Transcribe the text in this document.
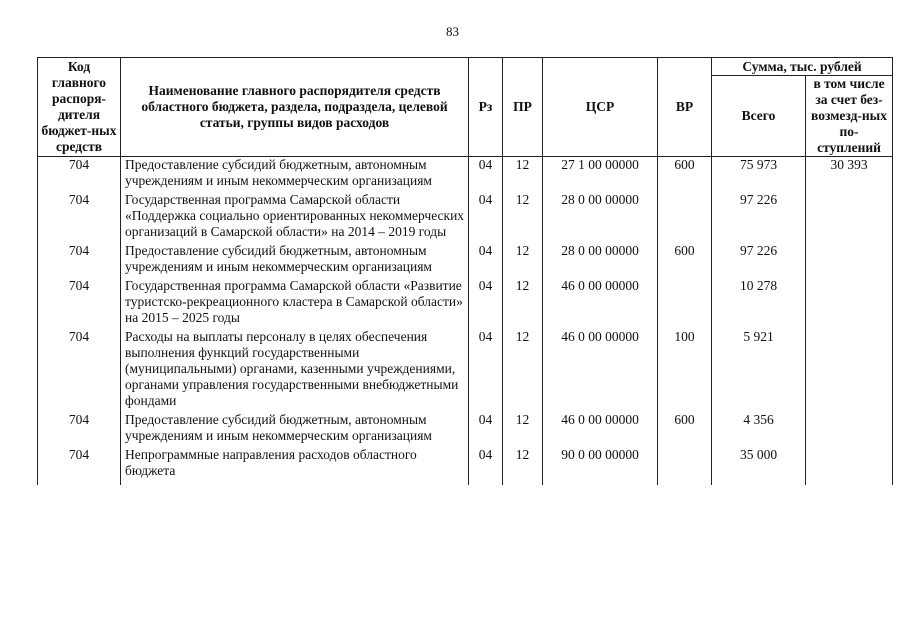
83
Код главного распоря-дителя бюджет-ных средств	Наименование главного распорядителя средств областного бюджета, раздела, подраздела, целевой статьи, группы видов расходов	Рз	ПР	ЦСР	ВР	Сумма, тыс. рублей	
						Всего	в том числе за счет без-возмезд-ных по-ступлений
704	Предоставление субсидий бюджетным, автономным учреждениям и иным некоммерческим организациям	04	12	27 1 00 00000	600	75 973	30 393
704	Государственная программа Самарской области «Поддержка социально ориентированных некоммерческих организаций в Самарской области» на 2014 – 2019 годы	04	12	28 0 00 00000		97 226	
704	Предоставление субсидий бюджетным, автономным учреждениям и иным некоммерческим организациям	04	12	28 0 00 00000	600	97 226	
704	Государственная программа Самарской области «Развитие туристско-рекреационного кластера в Самарской области» на 2015 – 2025 годы	04	12	46 0 00 00000		10 278	
704	Расходы на выплаты персоналу в целях обеспечения выполнения функций государственными (муниципальными) органами, казенными учреждениями, органами управления государственными внебюджетными фондами	04	12	46 0 00 00000	100	5 921	
704	Предоставление субсидий бюджетным, автономным учреждениям и иным некоммерческим организациям	04	12	46 0 00 00000	600	4 356	
704	Непрограммные направления расходов областного бюджета	04	12	90 0 00 00000		35 000	
